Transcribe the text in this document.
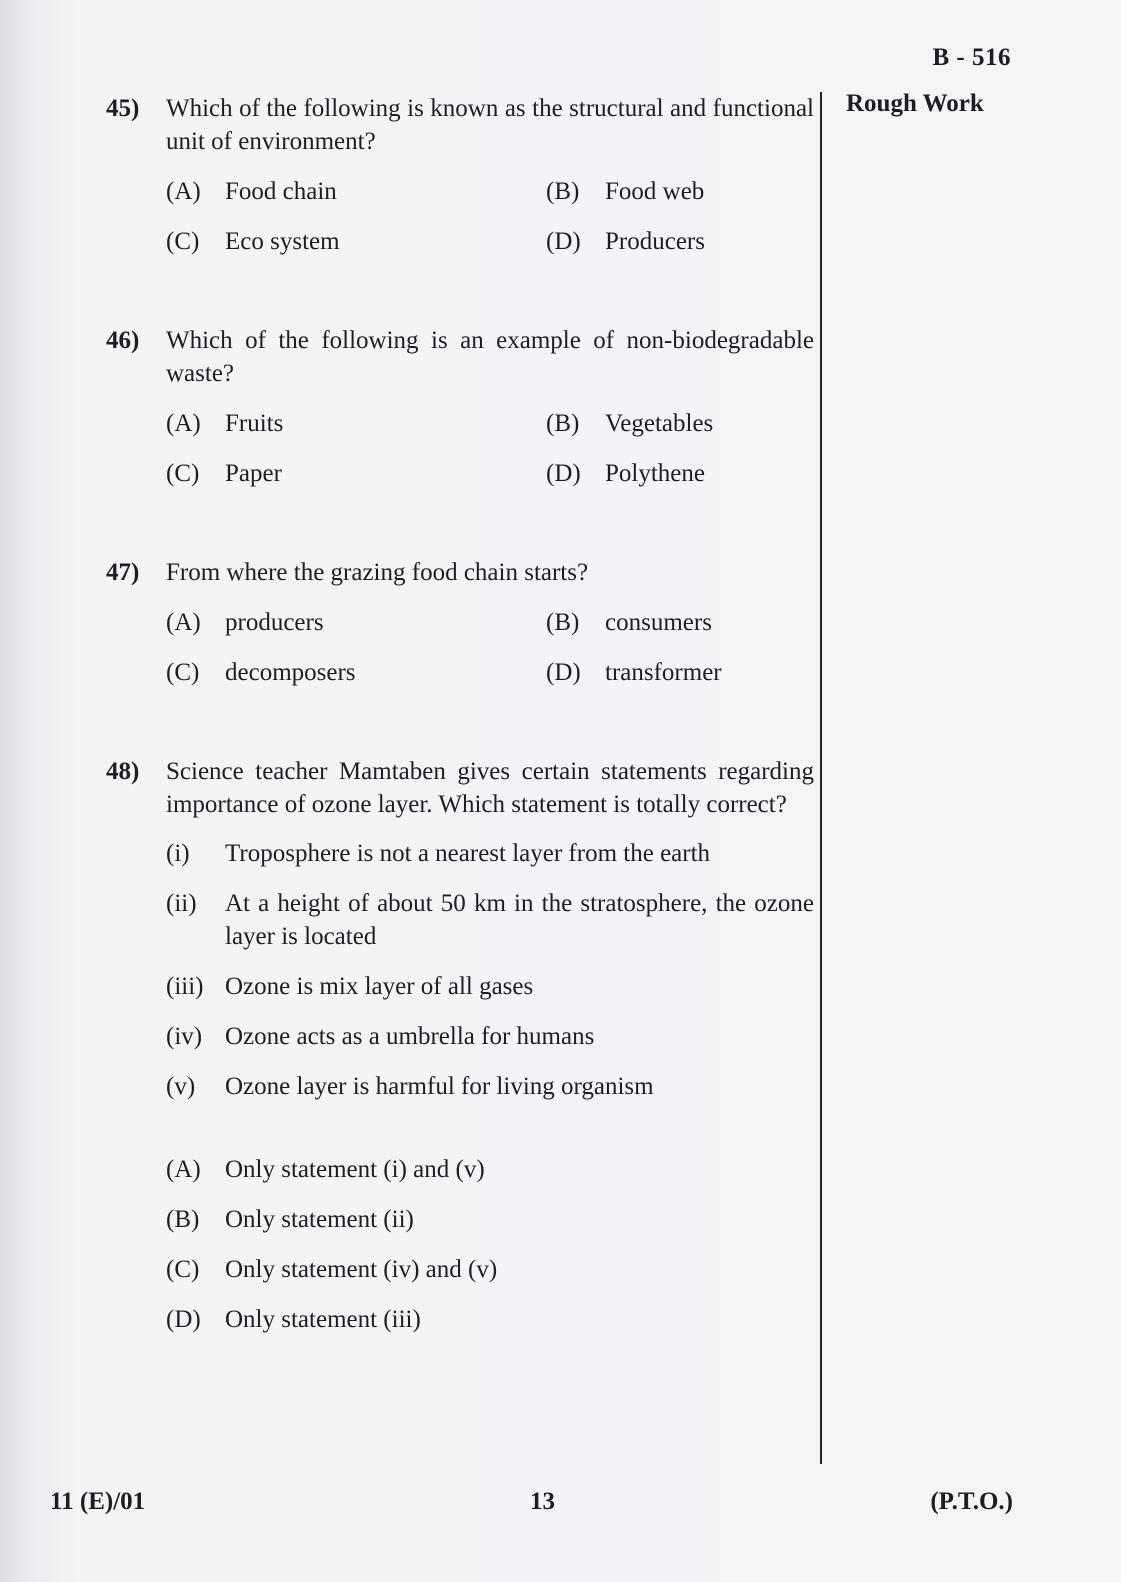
B - 516
Rough Work
45)	Which of the following is known as the structural and functional unit of environment?
(A) Food chain	(B)	Food web
(C)	Eco system	(D) Producers
46)	Which of the following is an example of non-biodegradable waste?
(A) Fruits	(B)	Vegetables
(C)	Paper	(D) Polythene
47)	From where the grazing food chain starts?
(A) producers	(B)	consumers
(C)	decomposers	(D) transformer
48)	Science teacher Mamtaben gives certain statements regarding importance of ozone layer. Which statement is totally correct?
(i)	Troposphere is not a nearest layer from the earth
(ii)	At a height of about 50 km in the stratosphere, the ozone layer is located
(iii) Ozone is mix layer of all gases
(iv) Ozone acts as a umbrella for humans
(v)	Ozone layer is harmful for living organism
(A) Only statement (i) and (v)
(B)	Only statement (ii)
(C)	Only statement (iv) and (v)
(D) Only statement (iii)
11 (E)/01	13	(P.T.O.)
